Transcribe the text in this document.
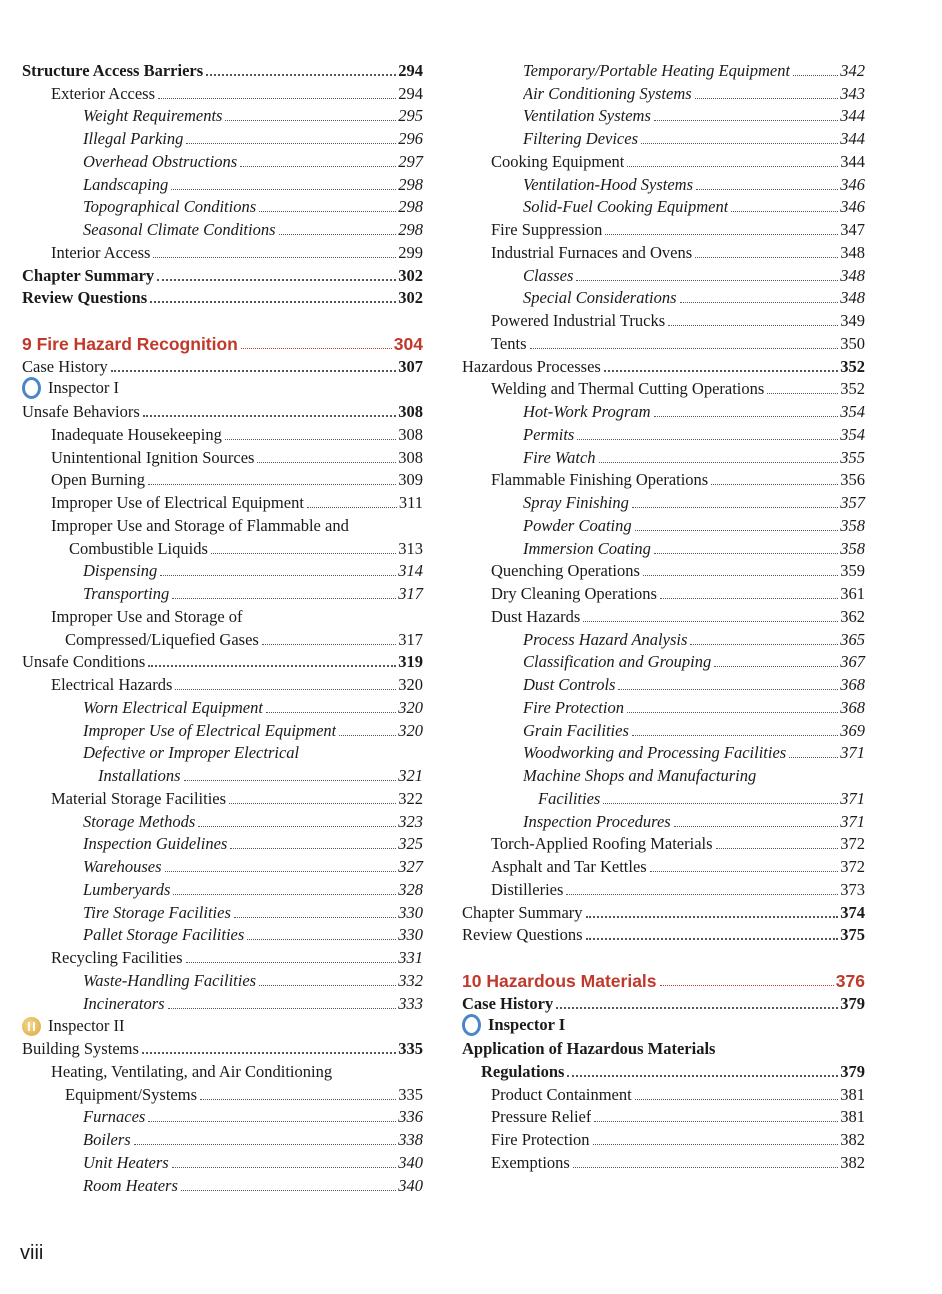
Structure Access Barriers	294
Exterior Access	294
Weight Requirements	295
Illegal Parking	296
Overhead Obstructions	297
Landscaping	298
Topographical Conditions	298
Seasonal Climate Conditions	298
Interior Access	299
Chapter Summary	302
Review Questions	302
9 Fire Hazard Recognition	304
Case History	307
Inspector I
Unsafe Behaviors	308
Inadequate Housekeeping	308
Unintentional Ignition Sources	308
Open Burning	309
Improper Use of Electrical Equipment	311
Improper Use and Storage of Flammable and
Combustible Liquids	313
Dispensing	314
Transporting	317
Improper Use and Storage of
Compressed/Liquefied Gases	317
Unsafe Conditions	319
Electrical Hazards	320
Worn Electrical Equipment	320
Improper Use of Electrical Equipment	320
Defective or Improper Electrical
Installations	321
Material Storage Facilities	322
Storage Methods	323
Inspection Guidelines	325
Warehouses	327
Lumberyards	328
Tire Storage Facilities	330
Pallet Storage Facilities	330
Recycling Facilities	331
Waste-Handling Facilities	332
Incinerators	333
Inspector II
Building Systems	335
Heating, Ventilating, and Air Conditioning
Equipment/Systems	335
Furnaces	336
Boilers	338
Unit Heaters	340
Room Heaters	340
Temporary/Portable Heating Equipment	342
Air Conditioning Systems	343
Ventilation Systems	344
Filtering Devices	344
Cooking Equipment	344
Ventilation-Hood Systems	346
Solid-Fuel Cooking Equipment	346
Fire Suppression	347
Industrial Furnaces and Ovens	348
Classes	348
Special Considerations	348
Powered Industrial Trucks	349
Tents	350
Hazardous Processes	352
Welding and Thermal Cutting Operations	352
Hot-Work Program	354
Permits	354
Fire Watch	355
Flammable Finishing Operations	356
Spray Finishing	357
Powder Coating	358
Immersion Coating	358
Quenching Operations	359
Dry Cleaning Operations	361
Dust Hazards	362
Process Hazard Analysis	365
Classification and Grouping	367
Dust Controls	368
Fire Protection	368
Grain Facilities	369
Woodworking and Processing Facilities	371
Machine Shops and Manufacturing
Facilities	371
Inspection Procedures	371
Torch-Applied Roofing Materials	372
Asphalt and Tar Kettles	372
Distilleries	373
Chapter Summary	374
Review Questions	375
10 Hazardous Materials	376
Case History	379
Inspector I
Application of Hazardous Materials
Regulations	379
Product Containment	381
Pressure Relief	381
Fire Protection	382
Exemptions	382
viii
